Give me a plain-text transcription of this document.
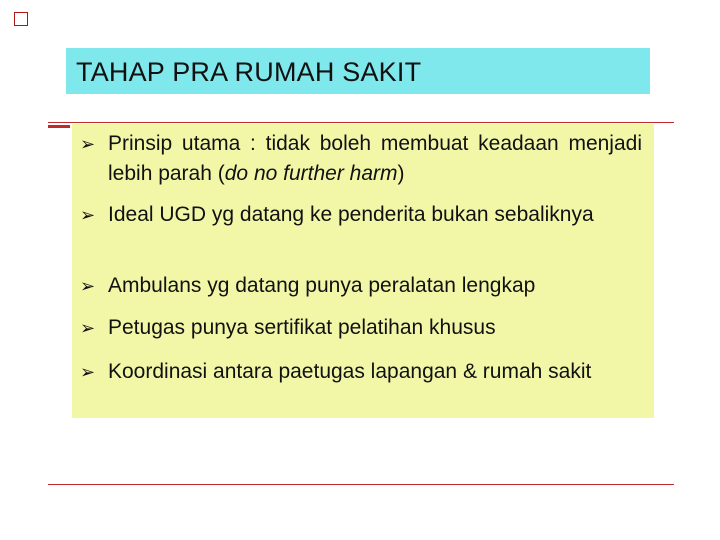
TAHAP PRA RUMAH SAKIT
➢ Prinsip utama : tidak boleh membuat keadaan menjadi lebih parah (do no further harm)
➢ Ideal UGD yg datang ke penderita bukan sebaliknya
➢ Ambulans yg datang punya peralatan lengkap
➢ Petugas punya sertifikat pelatihan khusus
➢ Koordinasi antara paetugas lapangan & rumah sakit
